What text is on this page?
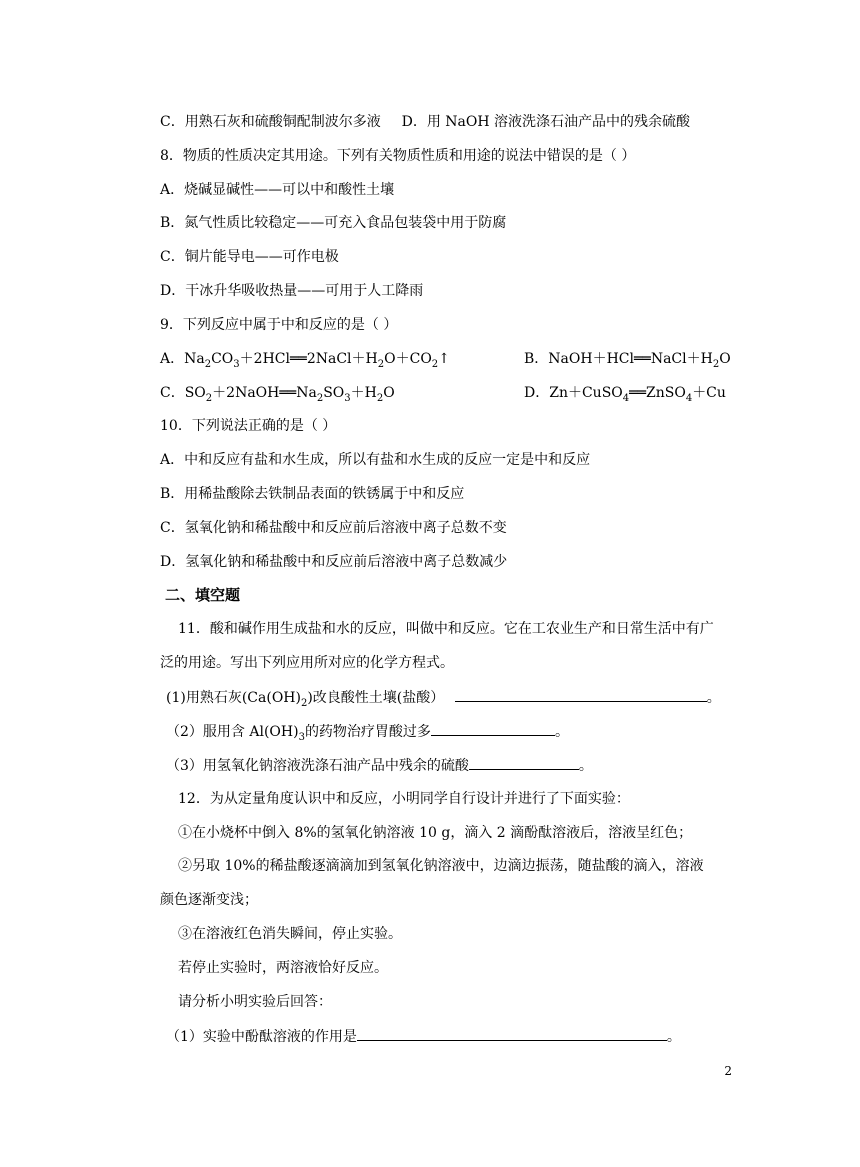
C．用熟石灰和硫酸铜配制波尔多液 D．用 NaOH 溶液洗涤石油产品中的残余硫酸
8．物质的性质决定其用途。下列有关物质性质和用途的说法中错误的是（ ）
A．烧碱显碱性——可以中和酸性土壤
B．氮气性质比较稳定——可充入食品包装袋中用于防腐
C．铜片能导电——可作电极
D．干冰升华吸收热量——可用于人工降雨
9．下列反应中属于中和反应的是（ ）
A．$Na_2CO_3+2HCl══2NaCl+H_2O+CO_2↑$	B．$NaOH+HCl══NaCl+H_2O$
C．$SO_2+2NaOH══Na_2SO_3+H_2O$	D．Zn＋CuSO$_4$══ZnSO$_4$＋Cu
10．下列说法正确的是（ ）
A．中和反应有盐和水生成，所以有盐和水生成的反应一定是中和反应
B．用稀盐酸除去铁制品表面的铁锈属于中和反应
C．氢氧化钠和稀盐酸中和反应前后溶液中离子总数不变
D．氢氧化钠和稀盐酸中和反应前后溶液中离子总数减少
二、填空题
11．酸和碱作用生成盐和水的反应，叫做中和反应。它在工农业生产和日常生活中有广
泛的用途。写出下列应用所对应的化学方程式。
(1)用熟石灰$(Ca(OH)_2)$改良酸性土壤(盐酸）	。
（2）服用含 $Al(OH)_3$的药物治疗胃酸过多	。
（3）用氢氧化钠溶液洗涤石油产品中残余的硫酸	。
12．为从定量角度认识中和反应，小明同学自行设计并进行了下面实验：
①在小烧杯中倒入 8%的氢氧化钠溶液 10 g，滴入 2 滴酚酞溶液后，溶液呈红色；
②另取 10%的稀盐酸逐滴滴加到氢氧化钠溶液中，边滴边振荡，随盐酸的滴入，溶液
颜色逐渐变浅；
③在溶液红色消失瞬间，停止实验。
若停止实验时，两溶液恰好反应。
请分析小明实验后回答：
（1）实验中酚酞溶液的作用是	。
2
